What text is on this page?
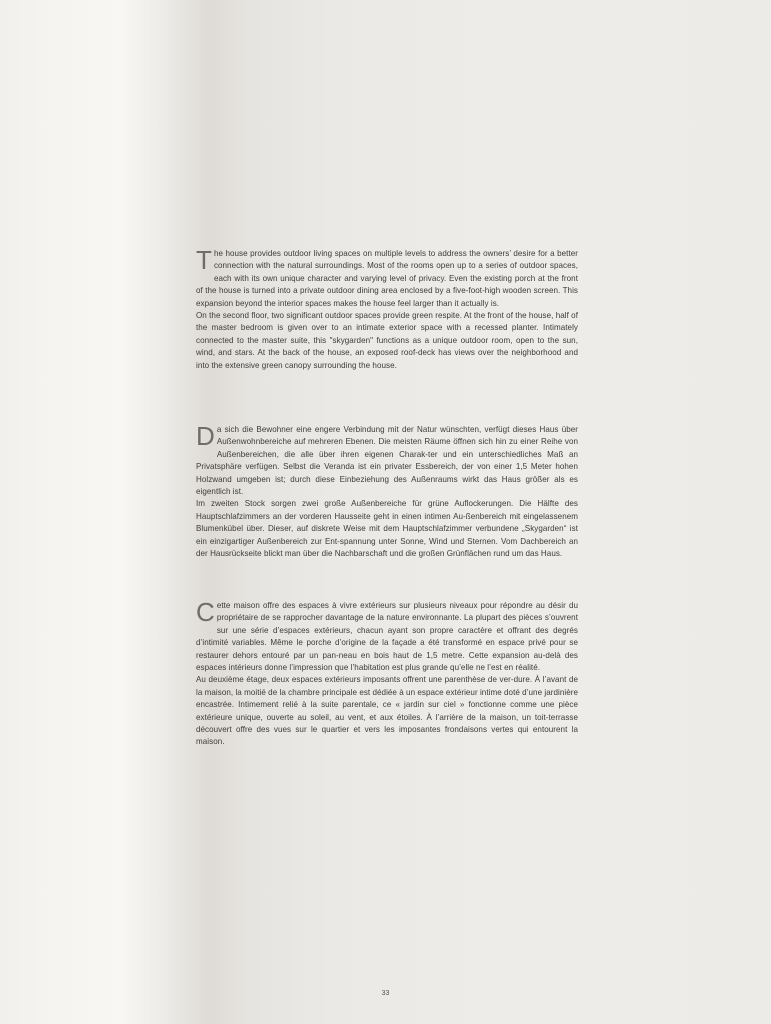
The house provides outdoor living spaces on multiple levels to address the owners’ desire for a better connection with the natural surroundings. Most of the rooms open up to a series of outdoor spaces, each with its own unique character and varying level of privacy. Even the existing porch at the front of the house is turned into a private outdoor dining area enclosed by a five-foot-high wooden screen. This expansion beyond the interior spaces makes the house feel larger than it actually is.

On the second floor, two significant outdoor spaces provide green respite. At the front of the house, half of the master bedroom is given over to an intimate exterior space with a recessed planter. Intimately connected to the master suite, this "skygarden" functions as a unique outdoor room, open to the sun, wind, and stars. At the back of the house, an exposed roof-deck has views over the neighborhood and into the extensive green canopy surrounding the house.

Da sich die Bewohner eine engere Verbindung mit der Natur wünschten, verfügt dieses Haus über Außenwohnbereiche auf mehreren Ebenen. Die meisten Räume öffnen sich hin zu einer Reihe von Außenbereichen, die alle über ihren eigenen Charak-ter und ein unterschiedliches Maß an Privatsphäre verfügen. Selbst die Veranda ist ein privater Essbereich, der von einer 1,5 Meter hohen Holzwand umgeben ist; durch diese Einbeziehung des Außenraums wirkt das Haus größer als es eigentlich ist.

Im zweiten Stock sorgen zwei große Außenbereiche für grüne Auflockerungen. Die Hälfte des Hauptschlafzimmers an der vorderen Hausseite geht in einen intimen Au-ßenbereich mit eingelassenem Blumenkübel über. Dieser, auf diskrete Weise mit dem Hauptschlafzimmer verbundene „Skygarden“ ist ein einzigartiger Außenbereich zur Ent-spannung unter Sonne, Wind und Sternen. Vom Dachbereich an der Hausrückseite blickt man über die Nachbarschaft und die großen Grünflächen rund um das Haus.

Cette maison offre des espaces à vivre extérieurs sur plusieurs niveaux pour répondre au désir du propriétaire de se rapprocher davantage de la nature environnante. La plupart des pièces s’ouvrent sur une série d’espaces extérieurs, chacun ayant son propre caractère et offrant des degrés d’intimité variables. Même le porche d’origine de la façade a été transformé en espace privé pour se restaurer dehors entouré par un pan-neau en bois haut de 1,5 metre. Cette expansion au-delà des espaces intérieurs donne l’impression que l’habitation est plus grande qu’elle ne l’est en réalité.

Au deuxième étage, deux espaces extérieurs imposants offrent une parenthèse de ver-dure. À l’avant de la maison, la moitié de la chambre principale est dédiée à un espace extérieur intime doté d’une jardinière encastrée. Intimement relié à la suite parentale, ce « jardin sur ciel » fonctionne comme une pièce extérieure unique, ouverte au soleil, au vent, et aux étoiles. À l’arrière de la maison, un toit-terrasse découvert offre des vues sur le quartier et vers les imposantes frondaisons vertes qui entourent la maison.

33
